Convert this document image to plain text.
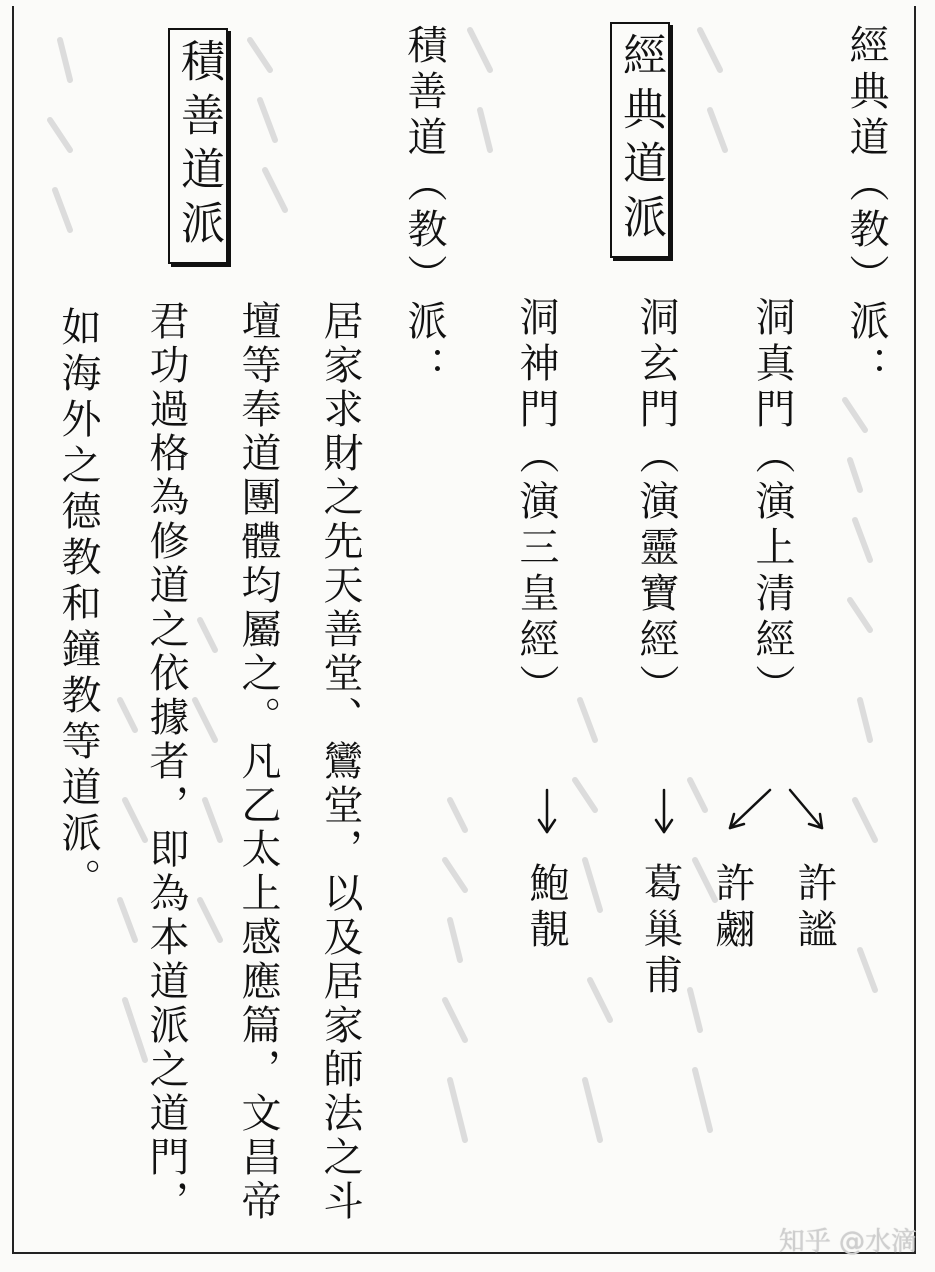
經典道（教）派：
經典道派
洞真門（演上清經）
洞玄門（演靈寶經）
洞神門（演三皇經）
許謐
許翽
葛巢甫
鮑靚
積善道（教）派：
積善道派
居家求財之先天善堂、鸞堂，以及居家師法之斗
壇等奉道團體均屬之。凡乙太上感應篇，文昌帝
君功過格為修道之依據者，即為本道派之道門，
如海外之德教和鐘教等道派。
知乎 @水滴
